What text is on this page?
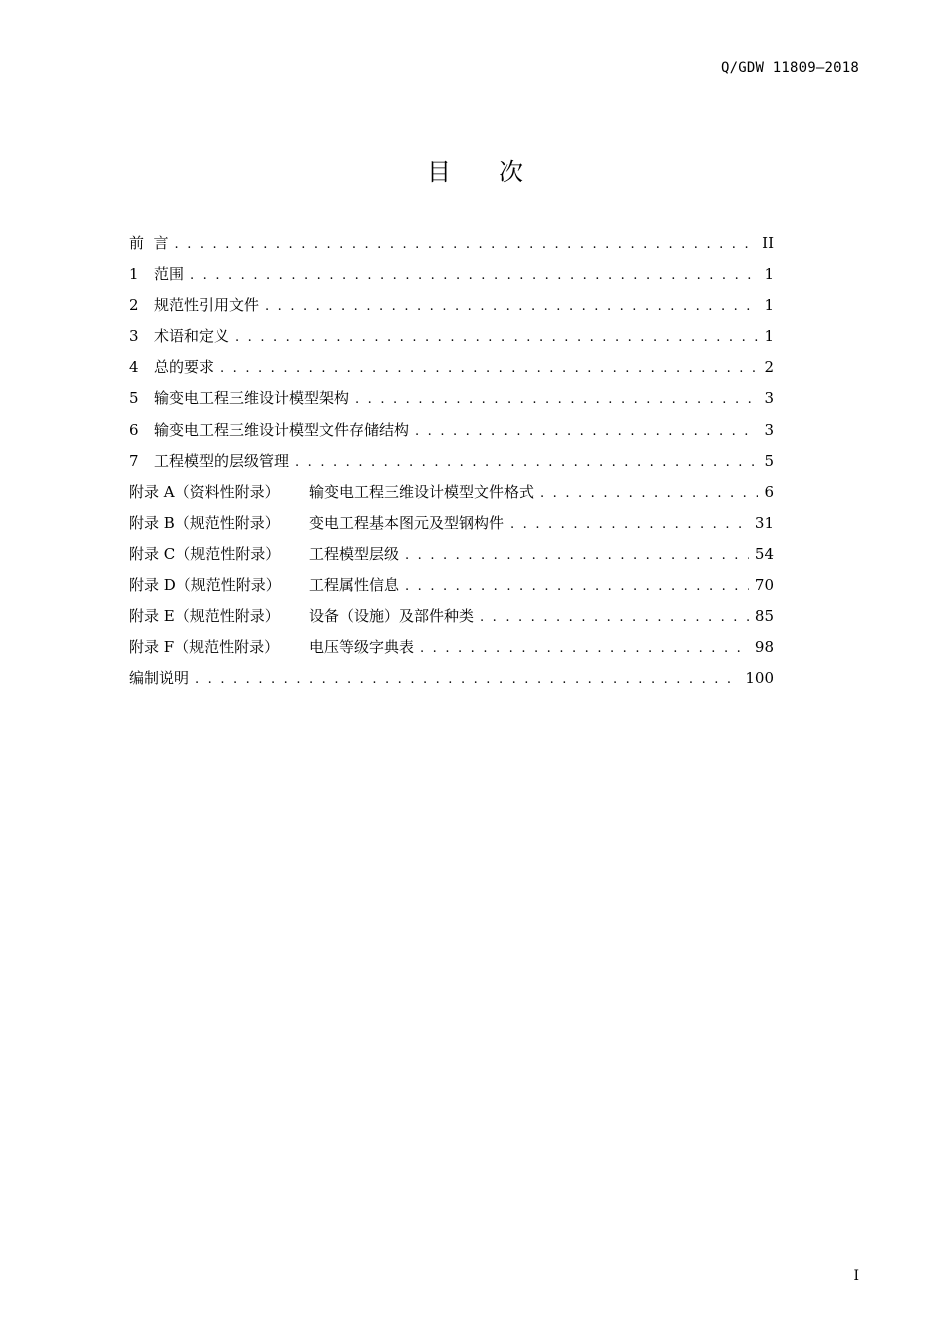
Q/GDW 11809—2018
目次
前  言 . . .	II
1	范围 . . .	1
2	规范性引用文件 . . .	1
3	术语和定义 . . .	1
4	总的要求 . . .	2
5	输变电工程三维设计模型架构 . . .	3
6	输变电工程三维设计模型文件存储结构 . . .	3
7	工程模型的层级管理 . . .	5
附录 A（资料性附录）	输变电工程三维设计模型文件格式 . . .	6
附录 B（规范性附录）	变电工程基本图元及型钢构件 . . .	31
附录 C（规范性附录）	工程模型层级 . . .	54
附录 D（规范性附录）	工程属性信息 . . .	70
附录 E（规范性附录）	设备（设施）及部件种类 . . .	85
附录 F（规范性附录）	电压等级字典表 . . .	98
编制说明 . . .	100
I
